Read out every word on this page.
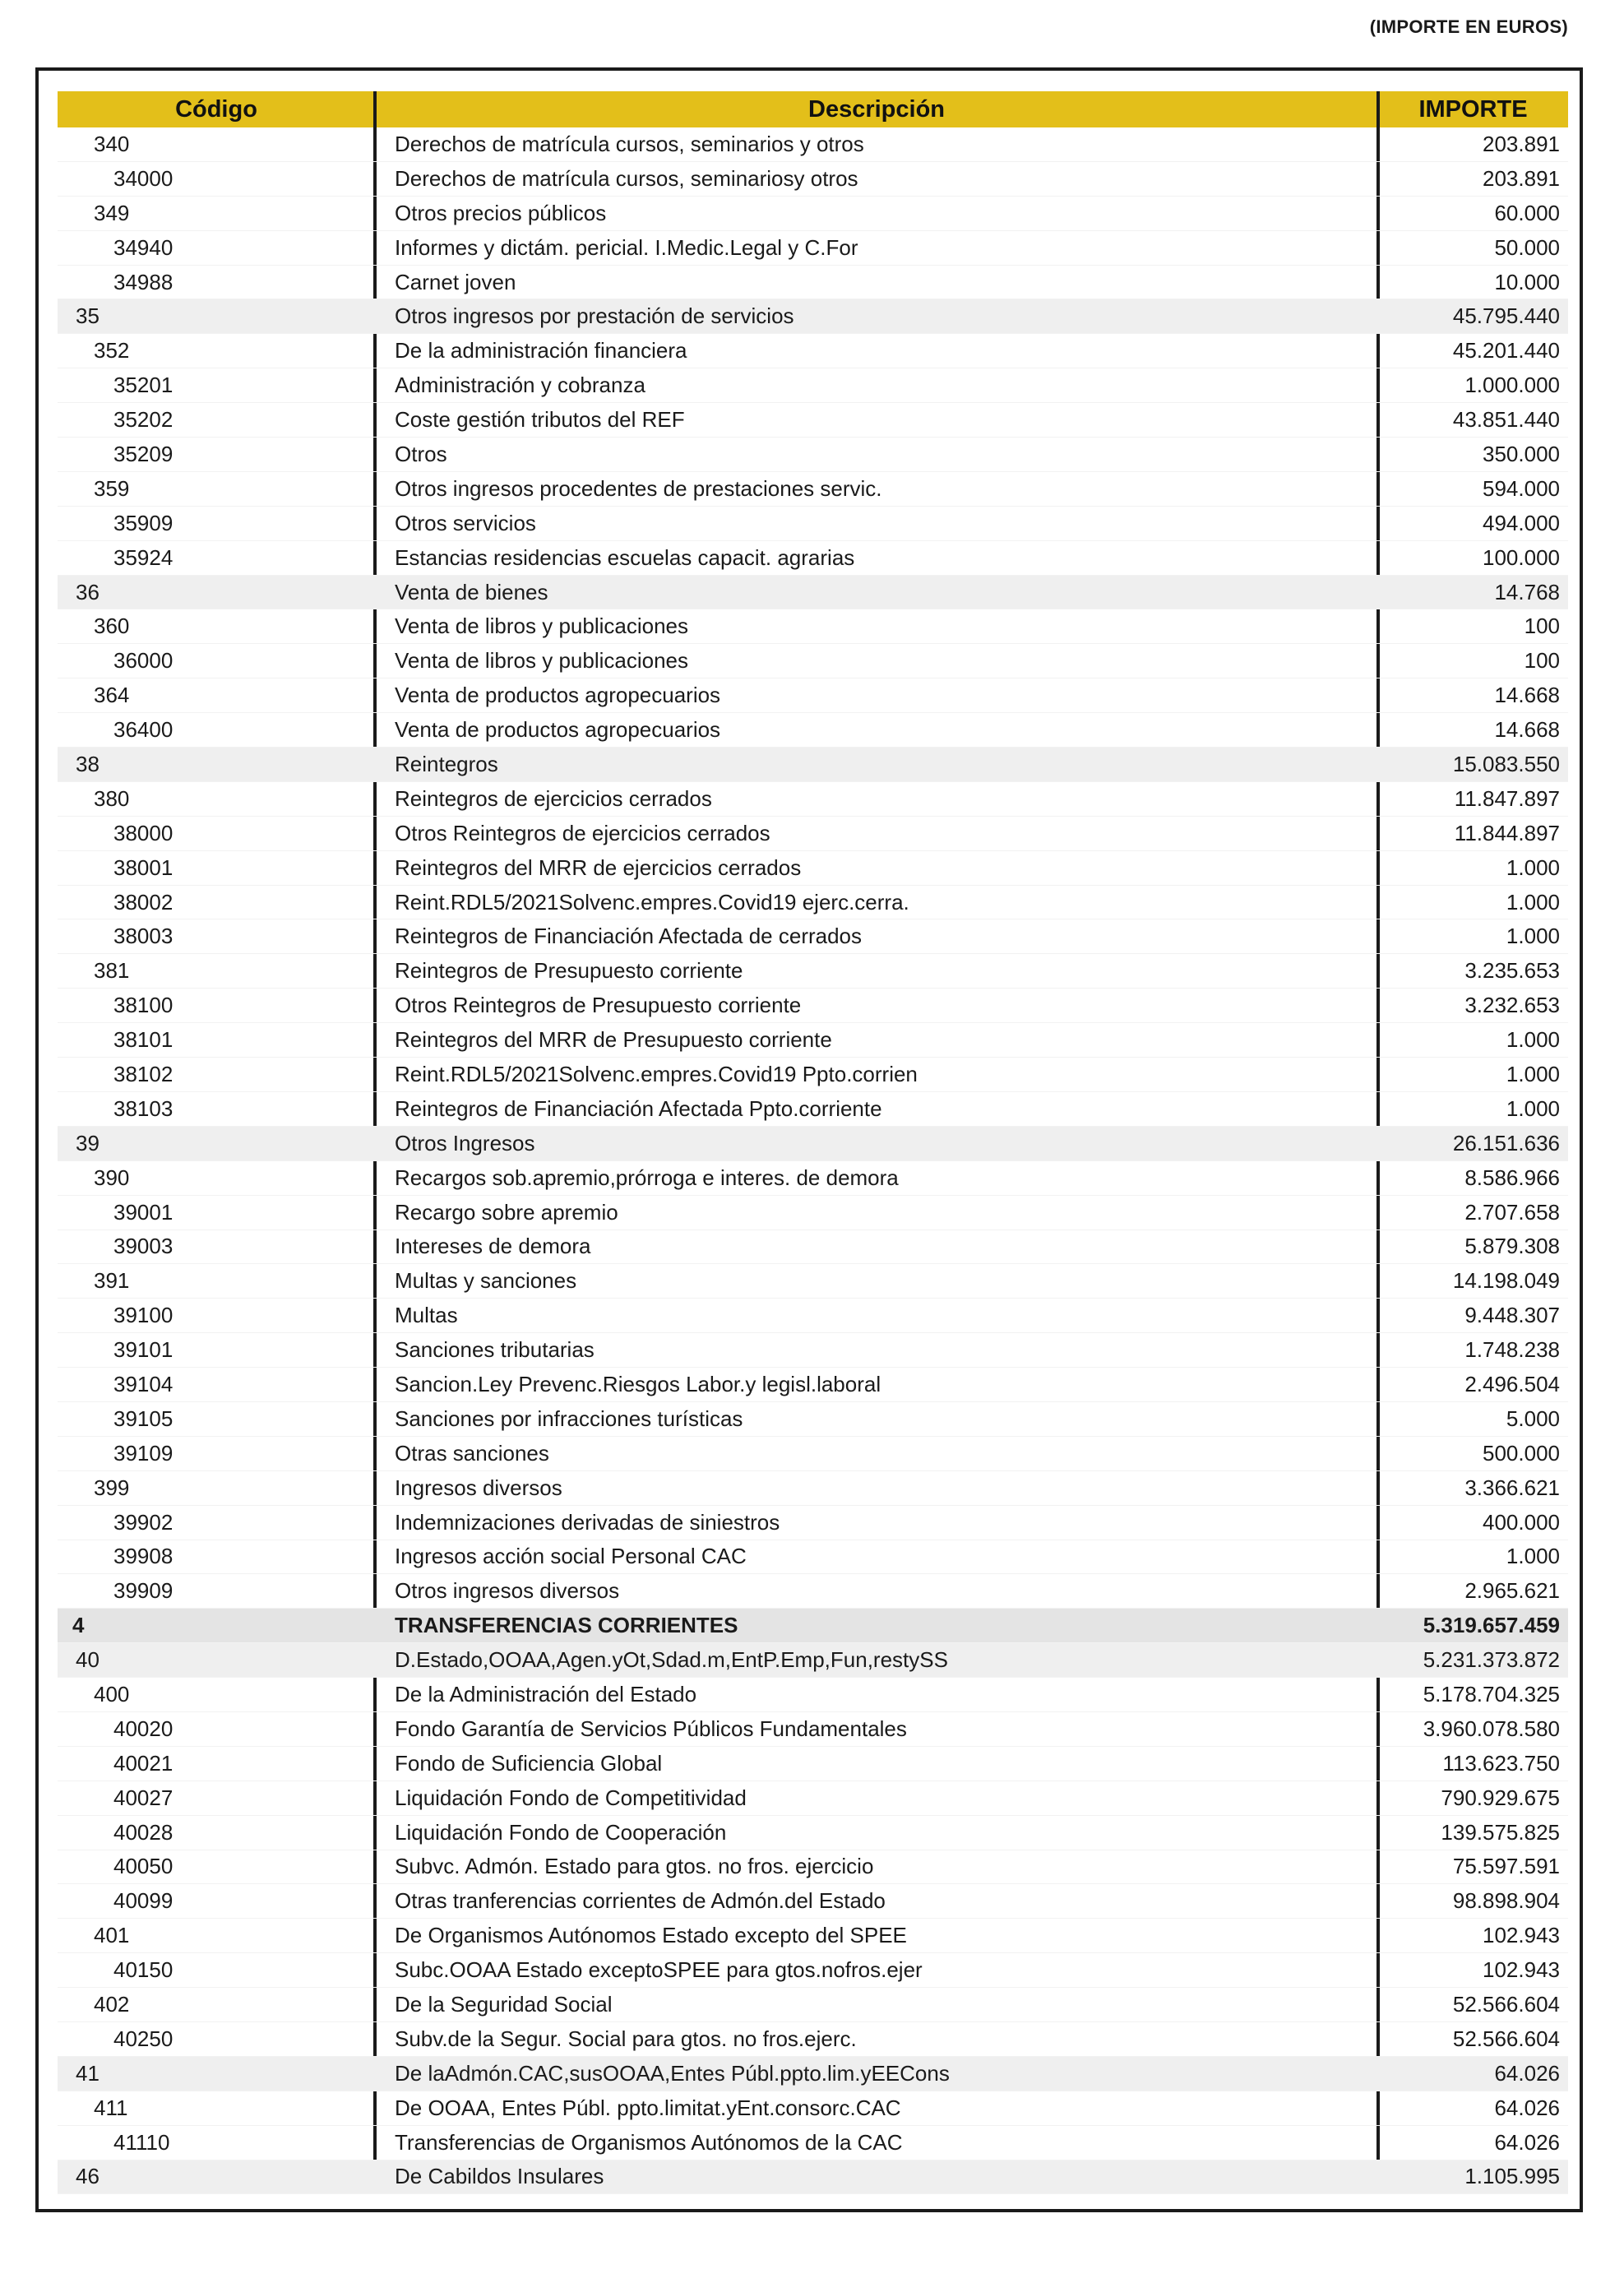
(IMPORTE EN EUROS)
Código	Descripción	IMPORTE
340	Derechos de matrícula cursos, seminarios y otros	203.891
34000	Derechos de matrícula cursos, seminariosy otros	203.891
349	Otros precios públicos	60.000
34940	Informes y dictám. pericial. I.Medic.Legal y C.For	50.000
34988	Carnet joven	10.000
35	Otros ingresos por prestación de servicios	45.795.440
352	De la administración financiera	45.201.440
35201	Administración y cobranza	1.000.000
35202	Coste gestión tributos del REF	43.851.440
35209	Otros	350.000
359	Otros ingresos procedentes de prestaciones servic.	594.000
35909	Otros servicios	494.000
35924	Estancias residencias escuelas capacit. agrarias	100.000
36	Venta de bienes	14.768
360	Venta de libros y publicaciones	100
36000	Venta de libros y publicaciones	100
364	Venta de productos agropecuarios	14.668
36400	Venta de productos agropecuarios	14.668
38	Reintegros	15.083.550
380	Reintegros de ejercicios cerrados	11.847.897
38000	Otros Reintegros de ejercicios cerrados	11.844.897
38001	Reintegros del MRR de ejercicios cerrados	1.000
38002	Reint.RDL5/2021Solvenc.empres.Covid19 ejerc.cerra.	1.000
38003	Reintegros de Financiación Afectada de cerrados	1.000
381	Reintegros de Presupuesto corriente	3.235.653
38100	Otros Reintegros de Presupuesto corriente	3.232.653
38101	Reintegros del MRR de Presupuesto corriente	1.000
38102	Reint.RDL5/2021Solvenc.empres.Covid19 Ppto.corrien	1.000
38103	Reintegros de Financiación Afectada Ppto.corriente	1.000
39	Otros Ingresos	26.151.636
390	Recargos sob.apremio,prórroga e interes. de demora	8.586.966
39001	Recargo sobre apremio	2.707.658
39003	Intereses de demora	5.879.308
391	Multas y sanciones	14.198.049
39100	Multas	9.448.307
39101	Sanciones tributarias	1.748.238
39104	Sancion.Ley Prevenc.Riesgos Labor.y legisl.laboral	2.496.504
39105	Sanciones por infracciones turísticas	5.000
39109	Otras sanciones	500.000
399	Ingresos diversos	3.366.621
39902	Indemnizaciones derivadas de siniestros	400.000
39908	Ingresos acción social Personal CAC	1.000
39909	Otros ingresos diversos	2.965.621
4	TRANSFERENCIAS CORRIENTES	5.319.657.459
40	D.Estado,OOAA,Agen.yOt,Sdad.m,EntP.Emp,Fun,restySS	5.231.373.872
400	De la Administración del Estado	5.178.704.325
40020	Fondo Garantía de Servicios Públicos Fundamentales	3.960.078.580
40021	Fondo de Suficiencia Global	113.623.750
40027	Liquidación Fondo de Competitividad	790.929.675
40028	Liquidación Fondo de Cooperación	139.575.825
40050	Subvc. Admón. Estado para gtos. no fros. ejercicio	75.597.591
40099	Otras tranferencias corrientes de Admón.del Estado	98.898.904
401	De Organismos Autónomos Estado excepto del SPEE	102.943
40150	Subc.OOAA Estado exceptoSPEE para gtos.nofros.ejer	102.943
402	De la Seguridad Social	52.566.604
40250	Subv.de la Segur. Social para gtos. no fros.ejerc.	52.566.604
41	De laAdmón.CAC,susOOAA,Entes Públ.ppto.lim.yEECons	64.026
411	De OOAA, Entes Públ. ppto.limitat.yEnt.consorc.CAC	64.026
41110	Transferencias de Organismos Autónomos de la CAC	64.026
46	De Cabildos Insulares	1.105.995
